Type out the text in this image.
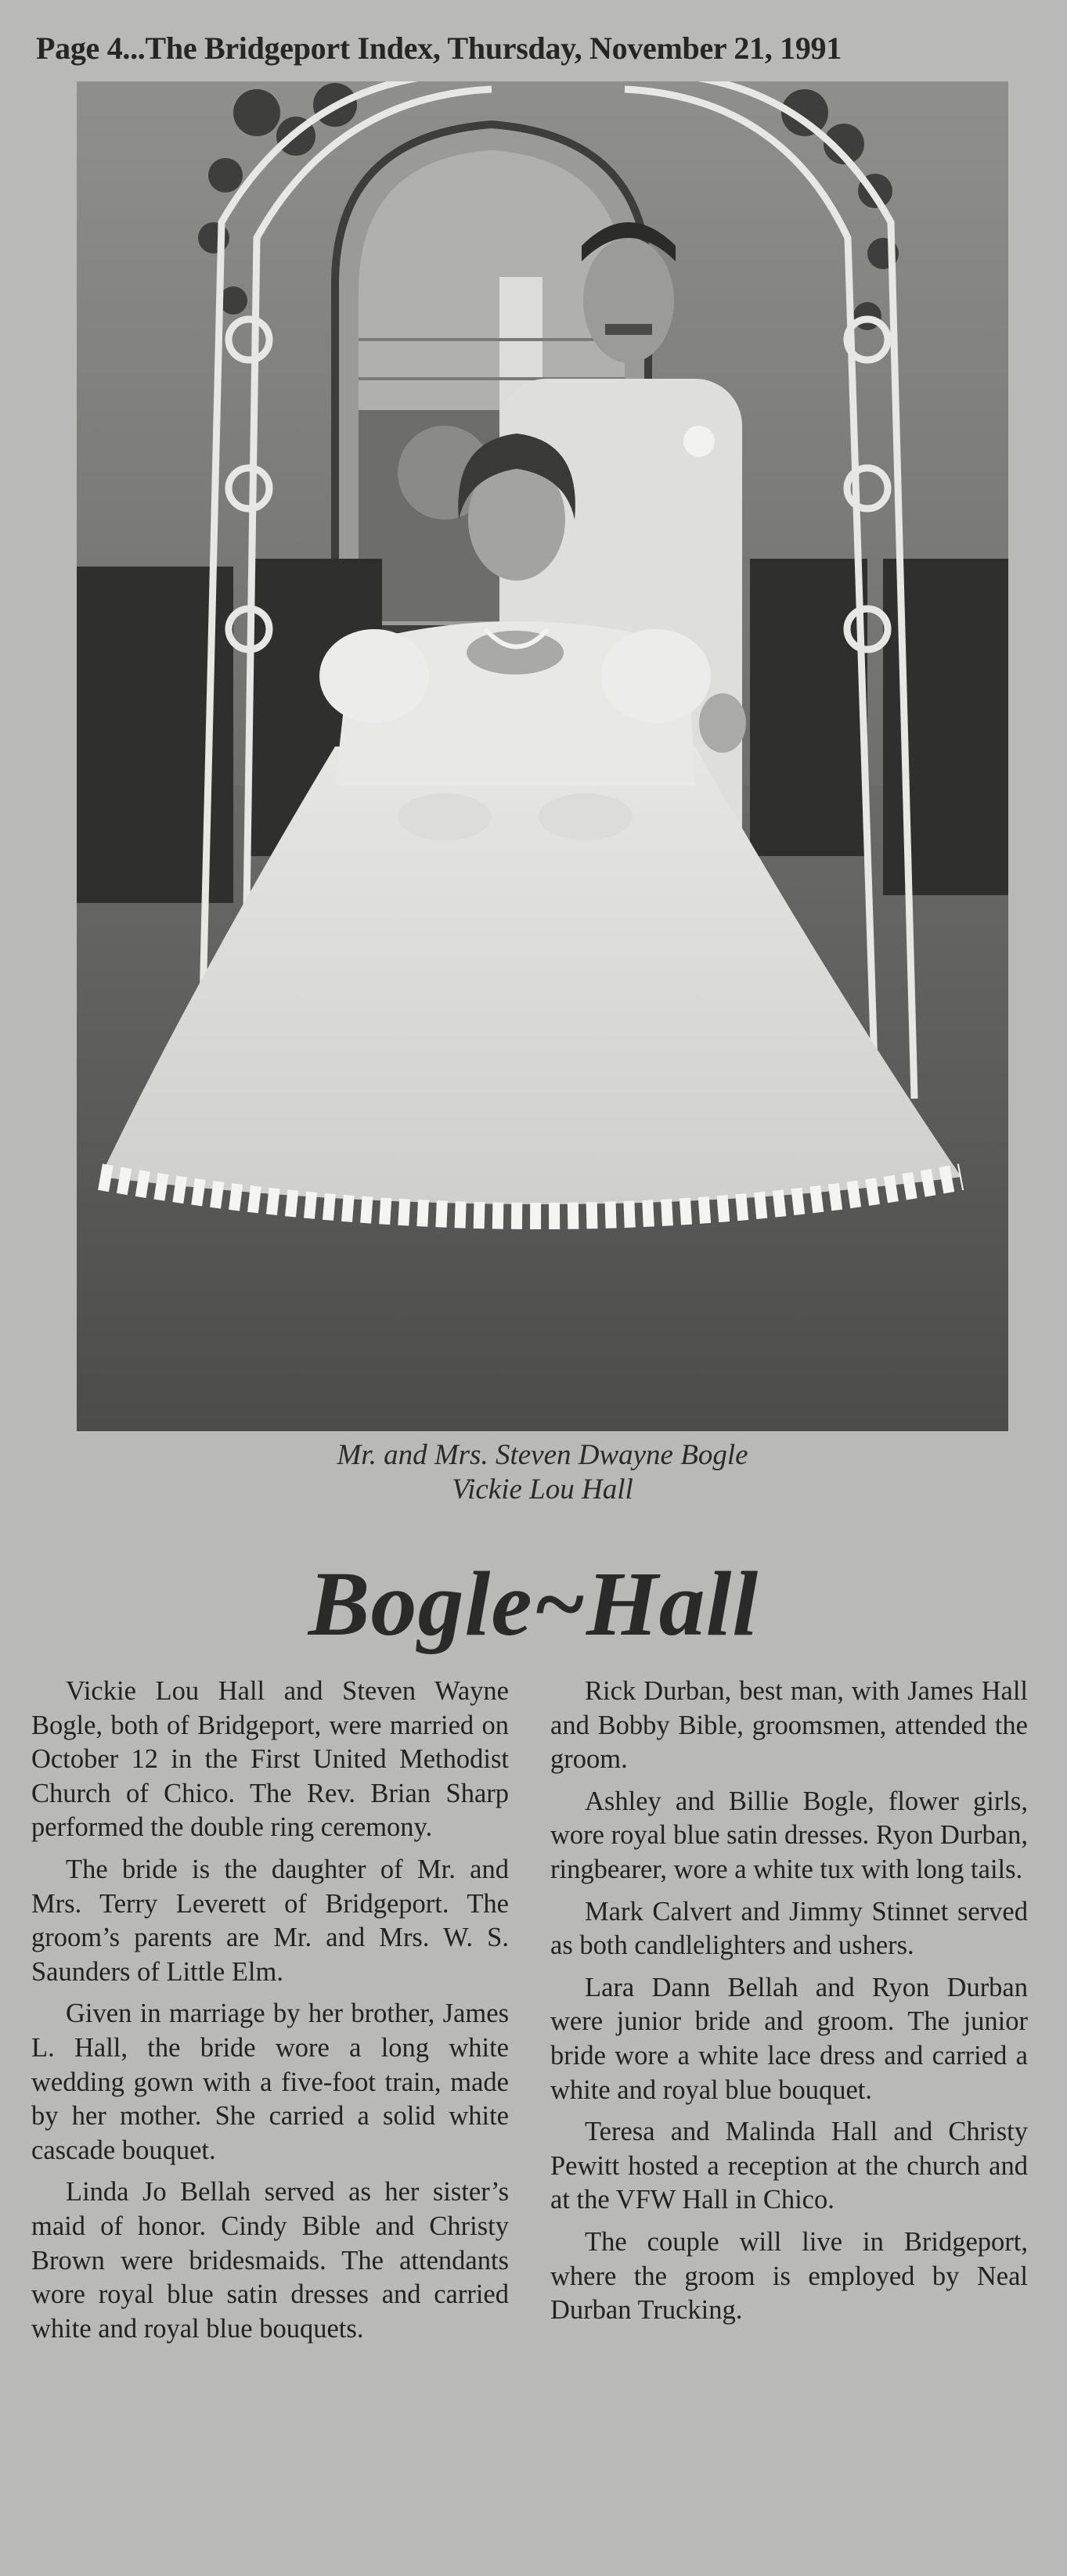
Page 4...The Bridgeport Index, Thursday, November 21, 1991
Mr. and Mrs. Steven Dwayne Bogle
Vickie Lou Hall
Bogle~Hall

Vickie Lou Hall and Steven Wayne Bogle, both of Bridgeport, were married on October 12 in the First United Methodist Church of Chico. The Rev. Brian Sharp performed the double ring ceremony.

The bride is the daughter of Mr. and Mrs. Terry Leverett of Bridgeport. The groom’s parents are Mr. and Mrs. W. S. Saunders of Little Elm.

Given in marriage by her brother, James L. Hall, the bride wore a long white wedding gown with a five-foot train, made by her mother. She carried a solid white cascade bouquet.

Linda Jo Bellah served as her sister’s maid of honor. Cindy Bible and Christy Brown were bridesmaids. The attendants wore royal blue satin dresses and carried white and royal blue bouquets.

Rick Durban, best man, with James Hall and Bobby Bible, groomsmen, attended the groom.

Ashley and Billie Bogle, flower girls, wore royal blue satin dresses. Ryon Durban, ringbearer, wore a white tux with long tails.

Mark Calvert and Jimmy Stinnet served as both candlelighters and ushers.

Lara Dann Bellah and Ryon Durban were junior bride and groom. The junior bride wore a white lace dress and carried a white and royal blue bouquet.

Teresa and Malinda Hall and Christy Pewitt hosted a reception at the church and at the VFW Hall in Chico.

The couple will live in Bridgeport, where the groom is employed by Neal Durban Trucking.
